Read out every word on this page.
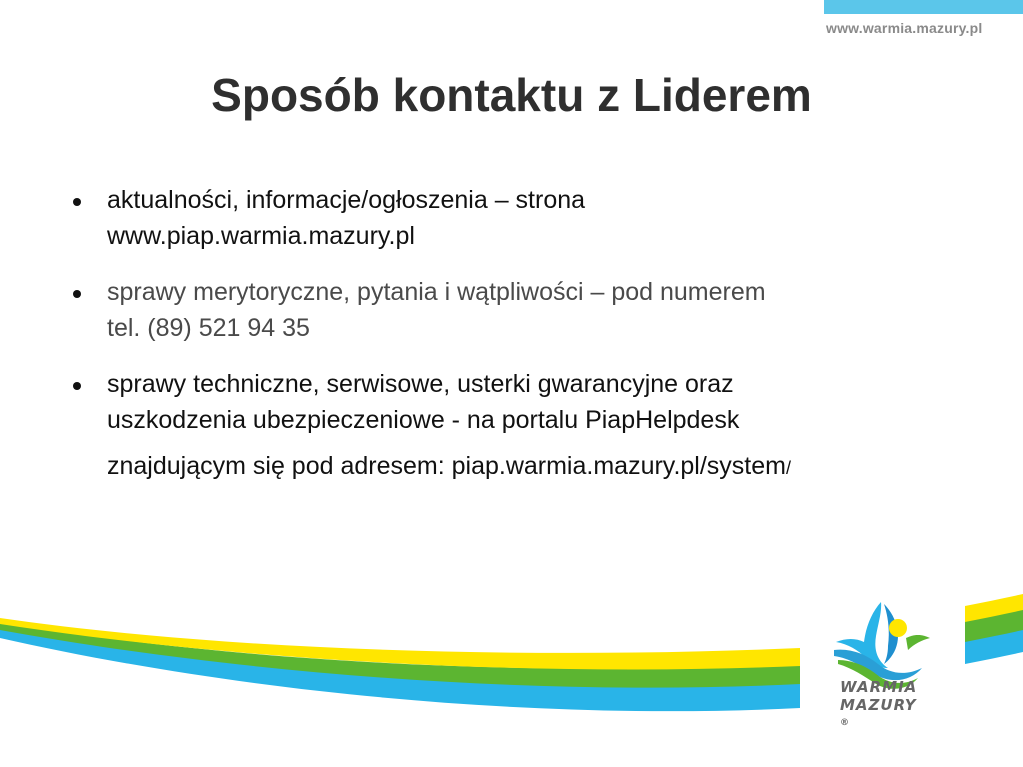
www.warmia.mazury.pl
Sposób kontaktu z Liderem
aktualności, informacje/ogłoszenia – strona
www.piap.warmia.mazury.pl
sprawy merytoryczne, pytania i wątpliwości – pod numerem
tel. (89) 521 94 35
sprawy techniczne, serwisowe, usterki gwarancyjne oraz
uszkodzenia ubezpieczeniowe - na portalu PiapHelpdesk
znajdującym się pod adresem: piap.warmia.mazury.pl/system/
WARMIA
MAZURY
®
